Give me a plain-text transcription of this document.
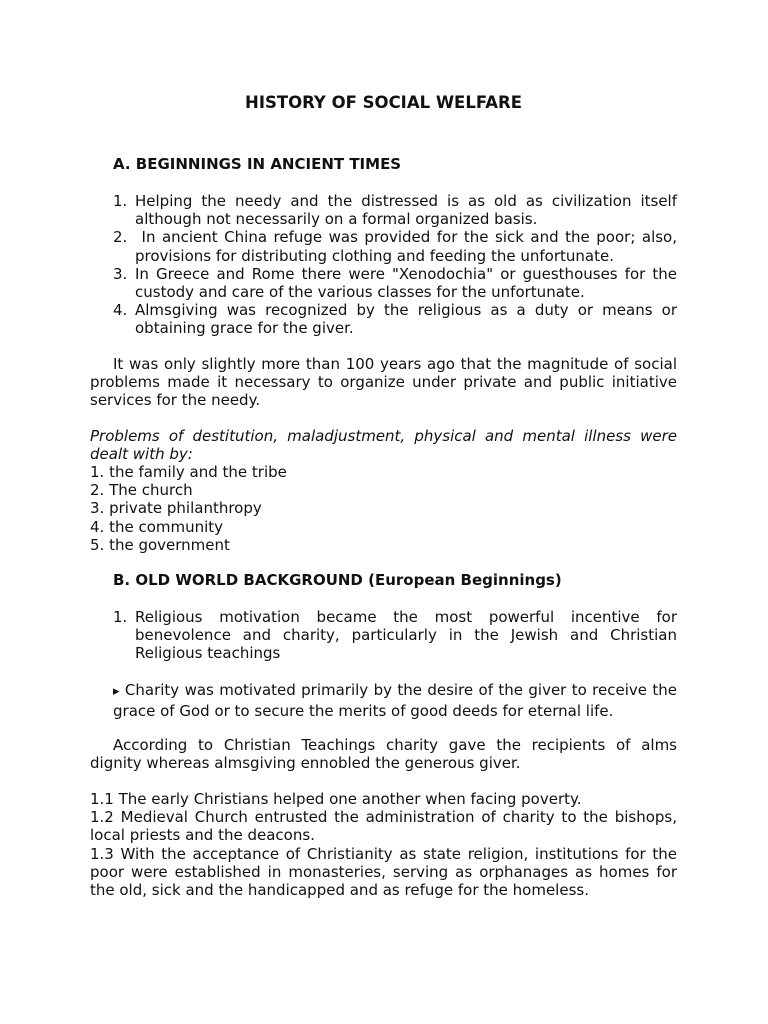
HISTORY OF SOCIAL WELFARE
A. BEGINNINGS IN ANCIENT TIMES
1. Helping the needy and the distressed is as old as civilization itself although not necessarily on a formal organized basis.
2. In ancient China refuge was provided for the sick and the poor; also, provisions for distributing clothing and feeding the unfortunate.
3. In Greece and Rome there were "Xenodochia" or guesthouses for the custody and care of the various classes for the unfortunate.
4. Almsgiving was recognized by the religious as a duty or means or obtaining grace for the giver.
It was only slightly more than 100 years ago that the magnitude of social problems made it necessary to organize under private and public initiative services for the needy.
Problems of destitution, maladjustment, physical and mental illness were dealt with by:
1. the family and the tribe
2. The church
3. private philanthropy
4. the community
5. the government
B. OLD WORLD BACKGROUND (European Beginnings)
1. Religious motivation became the most powerful incentive for benevolence and charity, particularly in the Jewish and Christian Religious teachings
▸ Charity was motivated primarily by the desire of the giver to receive the grace of God or to secure the merits of good deeds for eternal life.
According to Christian Teachings charity gave the recipients of alms dignity whereas almsgiving ennobled the generous giver.
1.1 The early Christians helped one another when facing poverty.
1.2 Medieval Church entrusted the administration of charity to the bishops, local priests and the deacons.
1.3 With the acceptance of Christianity as state religion, institutions for the poor were established in monasteries, serving as orphanages as homes for the old, sick and the handicapped and as refuge for the homeless.
